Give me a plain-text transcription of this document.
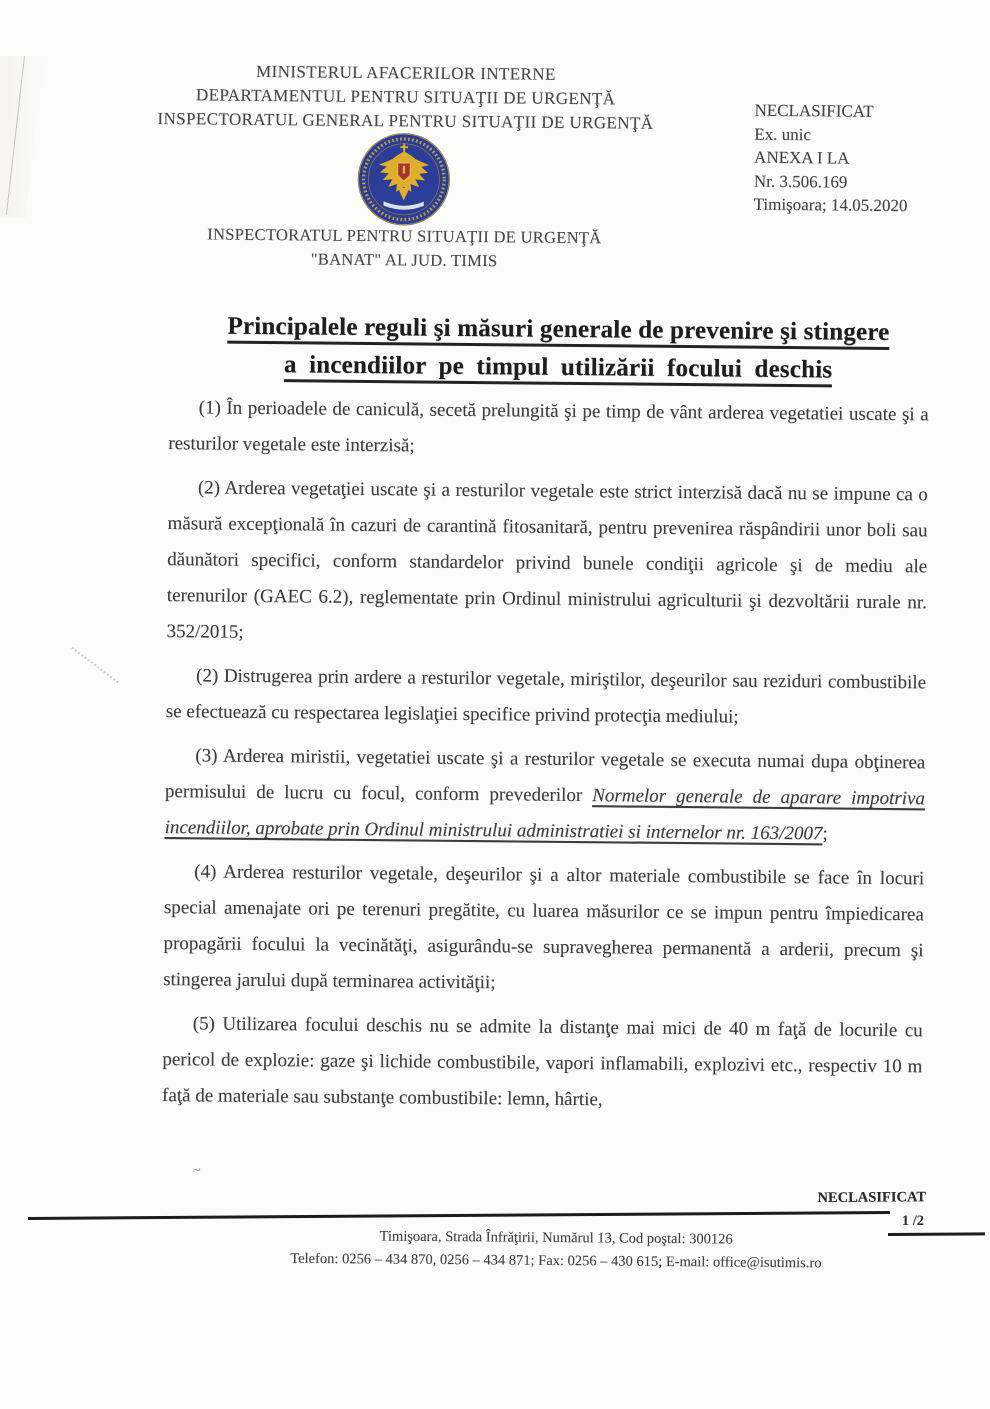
~
MINISTERUL AFACERILOR INTERNE
DEPARTAMENTUL PENTRU SITUAŢII DE URGENŢĂ
INSPECTORATUL GENERAL PENTRU SITUAŢII DE URGENŢĂ	NECLASIFICAT
Ex. unic
ANEXA I LA
Nr. 3.506.169
Timişoara; 14.05.2020
INSPECTORATUL PENTRU SITUAŢII DE URGENŢĂ
"BANAT" AL JUD. TIMIS
Principalele reguli şi măsuri generale de prevenire şi stingere
a incendiilor pe timpul utilizării focului deschis

(1) În perioadele de caniculă, secetă prelungită şi pe timp de vânt arderea vegetatiei uscate şi a resturilor vegetale este interzisă;

(2) Arderea vegetaţiei uscate şi a resturilor vegetale este strict interzisă dacă nu se impune ca o măsură excepţională în cazuri de carantină fitosanitară, pentru prevenirea răspândirii unor boli sau dăunători specifici, conform standardelor privind bunele condiţii agricole şi de mediu ale terenurilor (GAEC 6.2), reglementate prin Ordinul ministrului agriculturii şi dezvoltării rurale nr. 352/2015;

(2) Distrugerea prin ardere a resturilor vegetale, miriştilor, deşeurilor sau reziduri combustibile se efectuează cu respectarea legislaţiei specifice privind protecţia mediului;

(3) Arderea miristii, vegetatiei uscate şi a resturilor vegetale se executa numai dupa obţinerea permisului de lucru cu focul, conform prevederilor Normelor generale de aparare impotriva incendiilor, aprobate prin Ordinul ministrului administratiei si internelor nr. 163/2007;

(4) Arderea resturilor vegetale, deşeurilor şi a altor materiale combustibile se face în locuri special amenajate ori pe terenuri pregătite, cu luarea măsurilor ce se impun pentru împiedicarea propagării focului la vecinătăţi, asigurându-se supravegherea permanentă a arderii, precum şi stingerea jarului după terminarea activităţii;

(5) Utilizarea focului deschis nu se admite la distanţe mai mici de 40 m faţă de locurile cu pericol de explozie: gaze şi lichide combustibile, vapori inflamabili, explozivi etc., respectiv 10 m faţă de materiale sau substanţe combustibile: lemn, hârtie,

NECLASIFICAT
1 /2
Timişoara, Strada Înfrăţirii, Numărul 13, Cod poştal: 300126
Telefon: 0256 – 434 870, 0256 – 434 871; Fax: 0256 – 430 615; E-mail: office@isutimis.ro
